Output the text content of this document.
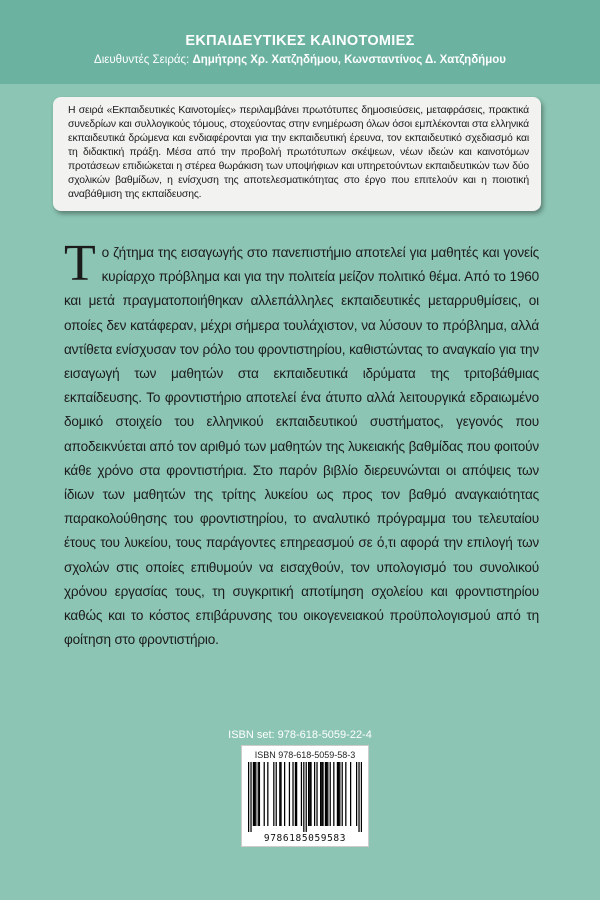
ΕΚΠΑΙΔΕΥΤΙΚΕΣ ΚΑΙΝΟΤΟΜΙΕΣ
Διευθυντές Σειράς: Δημήτρης Χρ. Χατζηδήμου, Κωνσταντίνος Δ. Χατζηδήμου

Η σειρά «Εκπαιδευτικές Καινοτομίες» περιλαμβάνει πρωτότυπες δημοσιεύσεις, μεταφράσεις, πρακτικά συνεδρίων και συλλογικούς τόμους, στοχεύοντας στην ενημέρωση όλων όσοι εμπλέκονται στα ελληνικά εκπαιδευτικά δρώμενα και ενδιαφέρονται για την εκπαιδευτική έρευνα, τον εκπαιδευτικό σχεδιασμό και τη διδακτική πράξη. Μέσα από την προβολή πρωτότυπων σκέψεων, νέων ιδεών και καινοτόμων προτάσεων επιδιώκεται η στέρεα θωράκιση των υποψήφιων και υπηρετούντων εκπαιδευτικών των δύο σχολικών βαθμίδων, η ενίσχυση της αποτελεσματικότητας στο έργο που επιτελούν και η ποιοτική αναβάθμιση της εκπαίδευσης.

Το ζήτημα της εισαγωγής στο πανεπιστήμιο αποτελεί για μαθητές και γονείς κυρίαρχο πρόβλημα και για την πολιτεία μείζον πολιτικό θέμα. Από το 1960 και μετά πραγματοποιήθηκαν αλλεπάλληλες εκπαιδευτικές μεταρρυθμίσεις, οι οποίες δεν κατάφεραν, μέχρι σήμερα τουλάχιστον, να λύσουν το πρόβλημα, αλλά αντίθετα ενίσχυσαν τον ρόλο του φροντιστηρίου, καθιστώντας το αναγκαίο για την εισαγωγή των μαθητών στα εκπαιδευτικά ιδρύματα της τριτοβάθμιας εκπαίδευσης. Το φροντιστήριο αποτελεί ένα άτυπο αλλά λειτουργικά εδραιωμένο δομικό στοιχείο του ελληνικού εκπαιδευτικού συστήματος, γεγονός που αποδεικνύεται από τον αριθμό των μαθητών της λυκειακής βαθμίδας που φοιτούν κάθε χρόνο στα φροντιστήρια. Στο παρόν βιβλίο διερευνώνται οι απόψεις των ίδιων των μαθητών της τρίτης λυκείου ως προς τον βαθμό αναγκαιότητας παρακολούθησης του φροντιστηρίου, το αναλυτικό πρόγραμμα του τελευταίου έτους του λυκείου, τους παράγοντες επηρεασμού σε ό,τι αφορά την επιλογή των σχολών στις οποίες επιθυμούν να εισαχθούν, τον υπολογισμό του συνολικού χρόνου εργασίας τους, τη συγκριτική αποτίμηση σχολείου και φροντιστηρίου καθώς και το κόστος επιβάρυνσης του οικογενειακού προϋπολογισμού από τη φοίτηση στο φροντιστήριο.

ISBN set: 978-618-5059-22-4
ISBN 978-618-5059-58-3
9786185059583
